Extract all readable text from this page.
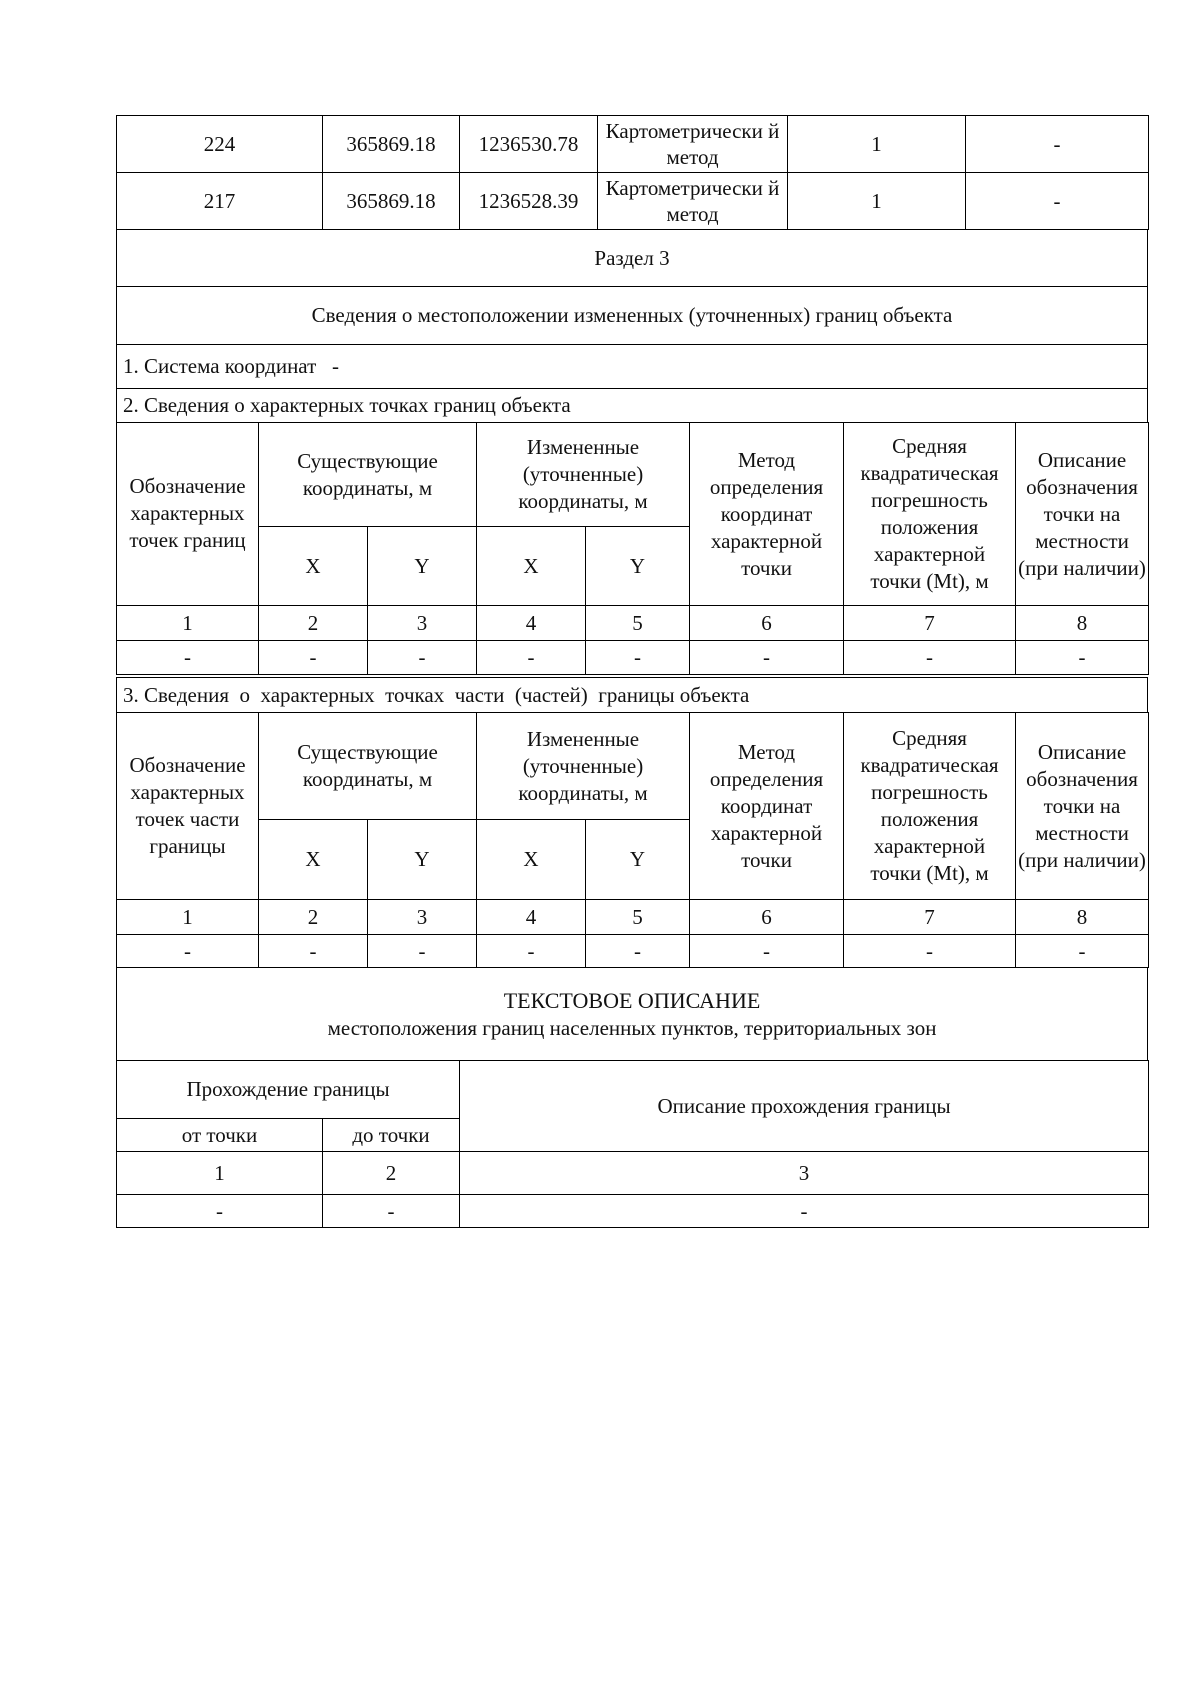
224	365869.18	1236530.78	Картометрически й метод	1	-
217	365869.18	1236528.39	Картометрически й метод	1	-
Раздел 3
Сведения о местоположении измененных (уточненных) границ объекта
1. Система координат   -
2. Сведения о характерных точках границ объекта
Обозначение характерных точек границ	Существующие координаты, м		Измененные (уточненные) координаты, м		Метод определения координат характерной точки	Средняя квадратическая погрешность положения характерной точки (Mt), м	Описание обозначения точки на местности (при наличии)
	X	Y	X	Y			
1	2	3	4	5	6	7	8
-	-	-	-	-	-	-	-
3. Сведения  о  характерных  точках  части  (частей)  границы объекта
Обозначение характерных точек части границы	Существующие координаты, м		Измененные (уточненные) координаты, м		Метод определения координат характерной точки	Средняя квадратическая погрешность положения характерной точки (Mt), м	Описание обозначения точки на местности (при наличии)
	X	Y	X	Y			
1	2	3	4	5	6	7	8
-	-	-	-	-	-	-	-
ТЕКСТОВОЕ ОПИСАНИЕ
местоположения границ населенных пунктов, территориальных зон
Прохождение границы		Описание прохождения границы
от точки	до точки	
1	2	3
-	-	-
